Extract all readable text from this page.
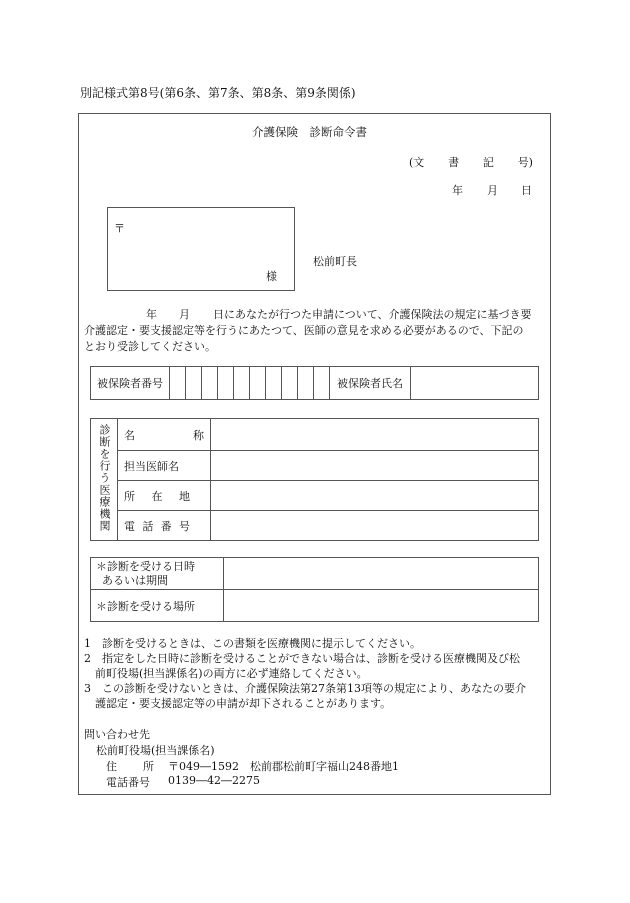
別記様式第8号(第6条、第7条、第8条、第9条関係)
介護保険　診断命令書
(文 書 記 号)
年 月 日
〒
様
松前町長
年 月 日にあなたが行つた申請について、介護保険法の規定に基づき要
介護認定・要支援認定等を行うにあたつて、医師の意見を求める必要があるので、下記の
とおり受診してください。
被保険者番号											被保険者氏名	
診断を行う医療機関	名 称	

	担当医師名	

	所 在 地	

	電 話 番 号	

＊診断を受ける日時
あるいは期間	

＊診断を受ける場所	
1　診断を受けるときは、この書類を医療機関に提示してください。
2　指定をした日時に診断を受けることができない場合は、診断を受ける医療機関及び松
　前町役場(担当課係名)の両方に必ず連絡してください。
3　この診断を受けないときは、介護保険法第27条第13項等の規定により、あなたの要介
　護認定・要支援認定等の申請が却下されることがあります。
問い合わせ先
松前町役場(担当課係名)
住 所 〒049―1592　松前郡松前町字福山248番地1
電話番号 0139―42―2275
